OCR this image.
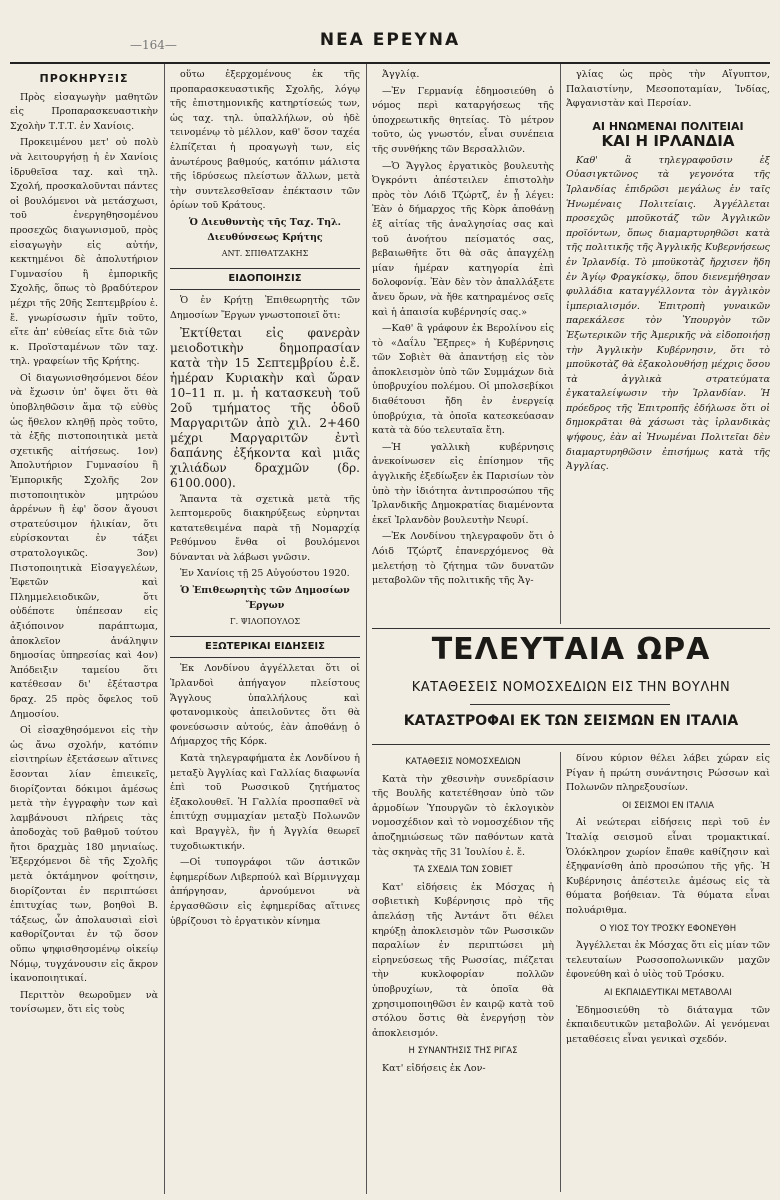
—164—	ΝΕΑ ΕΡΕΥΝΑ
ΠΡΟΚΗΡΥΞΙΣ

Πρὸς εἰσαγωγὴν μαθητῶν εἰς Προπαρασκευαστικὴν Σχολὴν Τ.Τ.Τ. ἐν Χανίοις.

Προκειμένου μετ' οὐ πολὺ νὰ λειτουργήσῃ ἡ ἐν Χανίοις ἱδρυθεῖσα ταχ. καὶ τηλ. Σχολή, προσκαλοῦνται πάντες οἱ βουλόμενοι νὰ μετάσχωσι, τοῦ ἐνεργηθησομένου προσεχῶς διαγωνισμοῦ, πρὸς εἰσαγωγὴν εἰς αὐτήν, κεκτημένοι δὲ ἀπολυτήριον Γυμνασίου ἢ ἐμπορικῆς Σχολῆς, ὅπως τὸ βραδύτερον μέχρι τῆς 20ῆς Σεπτεμβρίου ἐ. ἔ. γνωρίσωσιν ἡμῖν τοῦτο, εἴτε ἀπ' εὐθείας εἴτε διὰ τῶν κ. Προϊσταμένων τῶν ταχ. τηλ. γραφείων τῆς Κρήτης.

Οἱ διαγωνισθησόμενοι δέον νὰ ἔχωσιν ὑπ' ὄψει ὅτι θὰ ὑποβληθῶσιν ἅμα τῷ εὐθὺς ὡς ἤθελον κληθῇ πρὸς τοῦτο, τὰ ἑξῆς πιστοποιητικὰ μετὰ σχετικῆς αἰτήσεως. 1ον) Ἀπολυτήριον Γυμνασίου ἢ Ἐμπορικῆς Σχολῆς 2ον πιστοποιητικὸν μητρώου ἀρρένων ἢ ἐφ' ὅσον ἄγουσι στρατεύσιμον ἡλικίαν, ὅτι εὑρίσκονται ἐν τάξει στρατολογικῶς. 3ον) Πιστοποιητικὰ Εἰσαγγελέων, Ἐφετῶν καὶ Πλημμελειοδικῶν, ὅτι οὐδέποτε ὑπέπεσαν εἰς ἀξιόποινον παράπτωμα, ἀποκλεῖον ἀνάληψιν δημοσίας ὑπηρεσίας καὶ 4ον) Ἀπόδειξιν ταμείου ὅτι κατέθεσαν δι' ἐξέταστρα δραχ. 25 πρὸς ὄφελος τοῦ Δημοσίου.

Οἱ εἰσαχθησόμενοι εἰς τὴν ὡς ἄνω σχολήν, κατόπιν εἰσιτηρίων ἐξετάσεων αἵτινες ἔσονται λίαν ἐπιεικεῖς, διορίζονται δόκιμοι ἀμέσως μετὰ τὴν ἐγγραφὴν των καὶ λαμβάνουσι πλήρεις τὰς ἀποδοχὰς τοῦ βαθμοῦ τούτου ἤτοι δραχμὰς 180 μηνιαίως. Ἐξερχόμενοι δὲ τῆς Σχολῆς μετὰ ὀκτάμηνον φοίτησιν, διορίζονται ἐν περιπτώσει ἐπιτυχίας των, βοηθοὶ Β. τάξεως, ὧν ἀπολαυσιαὶ εἰσὶ καθορίζονται ἐν τῷ ὅσον οὔπω ψηφισθησομένῳ οἰκείῳ Νόμῳ, τυγχάνουσιν εἰς ἄκρον ἱκανοποιητικαί.

Περιττὸν θεωροῦμεν νὰ τονίσωμεν, ὅτι εἰς τοὺς

οὕτω ἐξερχομένους ἐκ τῆς προπαρασκευαστικῆς Σχολῆς, λόγῳ τῆς ἐπιστημονικῆς κατηρτίσεώς των, ὡς ταχ. τηλ. ὑπαλλήλων, οὐ ἠδὲ τεινομένῳ τὸ μέλλον, καθ' ὅσον ταχέα ἐλπίζεται ἡ προαγωγὴ των, εἰς ἀνωτέρους βαθμούς, κατόπιν μάλιστα τῆς ἱδρύσεως πλείστων ἄλλων, μετὰ τὴν συντελεσθεῖσαν ἐπέκτασιν τῶν ὁρίων τοῦ Κράτους.

Ὁ Διευθυντὴς τῆς Ταχ. Τηλ. Διευθύνσεως Κρήτης
ΑΝΤ. ΣΠΙΘΑΤΖΑΚΗΣ
ΕΙΔΟΠΟΙΗΣΙΣ

Ὁ ἐν Κρήτῃ Ἐπιθεωρητὴς τῶν Δημοσίων Ἔργων γνωστοποιεῖ ὅτι:

Ἐκτίθεται εἰς φανερὰν μειοδοτικὴν δημοπρασίαν κατὰ τὴν 15 Σεπτεμβρίου ἐ.ἔ. ἡμέραν Κυριακὴν καὶ ὥραν 10–11 π. μ. ἡ κατασκευὴ τοῦ 2οῦ τμήματος τῆς ὁδοῦ Μαργαριτῶν ἀπὸ χιλ. 2+460 μέχρι Μαργαριτῶν ἐντὶ δαπάνης ἐξήκοντα καὶ μιᾶς χιλιάδων δραχμῶν (δρ. 6100.000).

Ἅπαντα τὰ σχετικὰ μετὰ τῆς λεπτομεροῦς διακηρύξεως εὑρηνται κατατεθειμένα παρὰ τῇ Νομαρχίᾳ Ρεθύμνου ἔνθα οἱ βουλόμενοι δύνανται νὰ λάβωσι γνῶσιν.

Ἐν Χανίοις τῇ 25 Αὐγούστου 1920.

Ὁ Ἐπιθεωρητὴς τῶν Δημοσίων Ἔργων
Γ. ΨΙΛΟΠΟΥΛΟΣ
ΕΞΩΤΕΡΙΚΑΙ ΕΙΔΗΣΕΙΣ

Ἐκ Λονδίνου ἀγγέλλεται ὅτι οἱ Ἰρλανδοὶ ἀπήγαγον πλείστους Ἄγγλους ὑπαλλήλους καὶ φοτανομικοὺς ἀπειλοῦντες ὅτι θὰ φονεύσωσιν αὐτούς, ἐὰν ἀποθάνῃ ὁ Δήμαρχος τῆς Κόρκ.

Κατὰ τηλεγραφήματα ἐκ Λονδίνου ἡ μεταξὺ Ἀγγλίας καὶ Γαλλίας διαφωνία ἐπὶ τοῦ Ρωσσικοῦ ζητήματος ἐξακολουθεῖ. Ἡ Γαλλία προσπαθεῖ νὰ ἐπιτύχῃ συμμαχίαν μεταξὺ Πολωνῶν καὶ Βραγγὲλ, ἣν ἡ Ἀγγλία θεωρεῖ τυχοδιωκτικήν.

—Οἱ τυπογράφοι τῶν ἀστικῶν ἐφημερίδων Λιβερπούλ καὶ Βίρμινγχαμ ἀπήργησαν, ἀρνούμενοι νὰ ἐργασθῶσιν εἰς ἐφημερίδας αἵτινες ὑβρίζουσι τὸ ἐργατικὸν κίνημα

Ἀγγλίᾳ.

—Ἐν Γερμανίᾳ ἐδημοσιεύθη ὁ νόμος περὶ καταργήσεως τῆς ὑποχρεωτικῆς θητείας. Τὸ μέτρον τοῦτο, ὡς γνωστόν, εἶναι συνέπεια τῆς συνθήκης τῶν Βερσαλλιῶν.

—Ὁ Ἄγγλος ἐργατικὸς βουλευτὴς Ὀγκρόντι ἀπέστειλεν ἐπιστολὴν πρὸς τὸν Λόιδ Τζώρτζ, ἐν ᾗ λέγει: Ἐὰν ὁ δήμαρχος τῆς Κὸρκ ἀποθάνῃ ἐξ αἰτίας τῆς ἀναλγησίας σας καὶ τοῦ ἀνοήτου πείσματός σας, βεβαιωθῆτε ὅτι θὰ σᾶς ἀπαγχέλῃ μίαν ἡμέραν κατηγορία ἐπὶ δολοφονίᾳ. Ἐὰν δὲν τὸν ἀπαλλάξετε ἄνευ ὅρων, νὰ ἤθε κατηραμένος σεῖς καὶ ἡ ἀπαισία κυβέρνησίς σας.»

—Καθ' ἃ γράφουν ἐκ Βερολίνου εἰς τὸ «Δαΐλυ Ἔξπρες» ἡ Κυβέρνησις τῶν Σοβιὲτ θὰ ἀπαντήσῃ εἰς τὸν ἀποκλεισμὸν ὑπὸ τῶν Συμμάχων διὰ ὑποβρυχίου πολέμου. Οἱ μπολσεβίκοι διαθέτουσι ἤδη ἐν ἐνεργείᾳ ὑποβρύχια, τὰ ὁποῖα κατεσκεύασαν κατὰ τὰ δύο τελευταῖα ἔτη.

—Ἡ γαλλικὴ κυβέρνησις ἀνεκοίνωσεν εἰς ἐπίσημον τῆς ἀγγλικῆς ἐξεδίωξεν ἐκ Παρισίων τὸν ὑπὸ τὴν ἰδιότητα ἀντιπροσώπου τῆς Ἰρλανδικῆς Δημοκρατίας διαμένοντα ἐκεῖ Ἰρλανδὸν βουλευτὴν Νευρί.

—Ἐκ Λονδίνου τηλεγραφοῦν ὅτι ὁ Λόιδ Τζώρτζ ἐπανερχόμενος θὰ μελετήσῃ τὸ ζήτημα τῶν δυνατῶν μεταβολῶν τῆς πολιτικῆς τῆς Ἀγ-

γλίας ὡς πρὸς τὴν Αἴγυπτον, Παλαιστίνην, Μεσοποταμίαν, Ἰνδίας, Ἀφγανιστὰν καὶ Περσίαν.

ΑΙ ΗΝΩΜΕΝΑΙ ΠΟΛΙΤΕΙΑΙ
ΚΑΙ Η ΙΡΛΑΝΔΙΑ

Καθ' ἃ τηλεγραφοῦσιν ἐξ Οὐασιγκτῶνος τὰ γεγονότα τῆς Ἰρλανδίας ἐπιδρῶσι μεγάλως ἐν ταῖς Ἡνωμέναις Πολιτείαις. Ἀγγέλλεται προσεχῶς μποϋκοτάζ τῶν Ἀγγλικῶν προϊόντων, ὅπως διαμαρτυρηθῶσι κατὰ τῆς πολιτικῆς τῆς Ἀγγλικῆς Κυβερνήσεως ἐν Ἰρλανδίᾳ. Τὸ μποϋκοτὰζ ἤρχισεν ἤδη ἐν Ἁγίῳ Φραγκίσκῳ, ὅπου διενεμήθησαν φυλλάδια καταγγέλλοντα τὸν ἀγγλικὸν ἰμπεριαλισμόν. Ἐπιτροπὴ γυναικῶν παρεκάλεσε τὸν Ὑπουργὸν τῶν Ἐξωτερικῶν τῆς Ἀμερικῆς νὰ εἰδοποιήσῃ τὴν Ἀγγλικὴν Κυβέρνησιν, ὅτι τὸ μποϋκοτὰζ θὰ ἐξακολουθήσῃ μέχρις ὅσου τὰ ἀγγλικὰ στρατεύματα ἐγκαταλείψωσιν τὴν Ἰρλανδίαν. Ἡ πρόεδρος τῆς Ἐπιτροπῆς ἐδήλωσε ὅτι οἱ δημοκρᾶται θὰ χάσωσι τὰς ἰρλανδικὰς ψήφους, ἐὰν αἱ Ἡνωμέναι Πολιτεῖαι δὲν διαμαρτυρηθῶσιν ἐπισήμως κατὰ τῆς Ἀγγλίας.

ΤΕΛΕΥΤΑΙΑ ΩΡΑ
ΚΑΤΑΘΕΣΕΙΣ ΝΟΜΟΣΧΕΔΙΩΝ ΕΙΣ ΤΗΝ ΒΟΥΛΗΝ
ΚΑΤΑΣΤΡΟΦΑΙ ΕΚ ΤΩΝ ΣΕΙΣΜΩΝ ΕΝ ΙΤΑΛΙΑ
ΚΑΤΑΘΕΣΙΣ ΝΟΜΟΣΧΕΔΙΩΝ

Κατὰ τὴν χθεσινὴν συνεδρίασιν τῆς Βουλῆς κατετέθησαν ὑπὸ τῶν ἁρμοδίων Ὑπουργῶν τὸ ἐκλογικὸν νομοσχέδιον καὶ τὸ νομοσχέδιον τῆς ἀποζημιώσεως τῶν παθόντων κατὰ τὰς σκηνὰς τῆς 31 Ἰουλίου ἐ. ἔ.

ΤΑ ΣΧΕΔΙΑ ΤΩΝ ΣΟΒΙΕΤ

Κατ' εἰδήσεις ἐκ Μόσχας ἡ σοβιετικὴ Κυβέρνησις πρὸ τῆς ἀπελάσῃ τῆς Ἀντάντ ὅτι θέλει κηρύξῃ ἀποκλεισμὸν τῶν Ρωσσικῶν παραλίων ἐν περιπτώσει μὴ εἰρηνεύσεως τῆς Ρωσσίας, πιέζεται τὴν κυκλοφορίαν πολλῶν ὑποβρυχίων, τὰ ὁποῖα θὰ χρησιμοποιηθῶσι ἐν καιρῷ κατὰ τοῦ στόλου ὅστις θὰ ἐνεργήσῃ τὸν ἀποκλεισμόν.

Η ΣΥΝΑΝΤΗΣΙΣ ΤΗΣ ΡΙΓΑΣ

Κατ' εἰδήσεις ἐκ Λον-

δίνου κύριον θέλει λάβει χώραν εἰς Ρίγαν ἡ πρώτη συνάντησις Ρώσσων καὶ Πολωνῶν πληρεξουσίων.

ΟΙ ΣΕΙΣΜΟΙ ΕΝ ΙΤΑΛΙΑ

Αἱ νεώτεραι εἰδήσεις περὶ τοῦ ἐν Ἰταλίᾳ σεισμοῦ εἶναι τρομακτικαί. Ὁλόκληρον χωρίον ἔπαθε καθίζησιν καὶ ἐξηφανίσθη ἀπὸ προσώπου τῆς γῆς. Ἡ Κυβέρνησις ἀπέστειλε ἀμέσως εἰς τὰ θύματα βοήθειαν. Τὰ θύματα εἶναι πολυάριθμα.

Ο ΥΙΟΣ ΤΟΥ ΤΡΟΣΚΥ ΕΦΟΝΕΥΘΗ

Ἀγγέλλεται ἐκ Μόσχας ὅτι εἰς μίαν τῶν τελευταίων Ρωσσοπολωνικῶν μαχῶν ἐφονεύθη καὶ ὁ υἱὸς τοῦ Τρόσκυ.

ΑΙ ΕΚΠΑΙΔΕΥΤΙΚΑΙ ΜΕΤΑΒΟΛΑΙ

Ἐδημοσιεύθη τὸ διάταγμα τῶν ἐκπαιδευτικῶν μεταβολῶν. Αἱ γενόμεναι μεταθέσεις εἶναι γενικαὶ σχεδόν.
